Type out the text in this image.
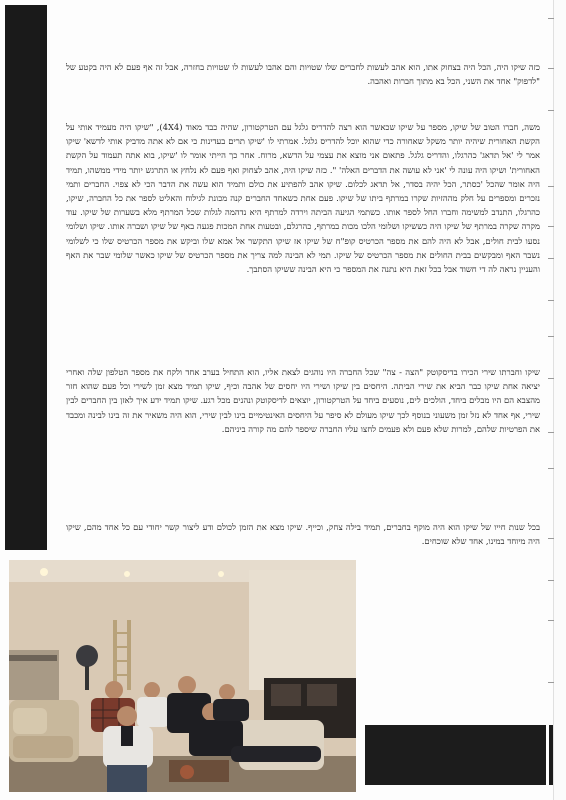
כזה שיקו היה, הכל היה בצחוק אתו, הוא אהב לעשות לחברים שלו שטויות והם אהבו לעשות לו שטויות בחזרה, אבל זה אף פעם לא היה בקטע של "לדפוק" אחד את השני, הכל בא מתוך חברות ואהבה.

משה, חברו הטוב של שיקו, מספר על שיקו שכאשר הוא רצה להדריס גלגל עם הטרקטורון, שהיה כבד מאוד (4X4), "שיקו היה מעמיד אותי על הקשת האחורית שיהיה יותר משקל שאחורה כדי שהוא יוכל להדריס גלגל. אמרתי לו 'שיקו תרים בעדינות כי אם לא אתה מדביק אותי לדשא' שיקו אמר לי 'אל תדאג' כהרגלו, והדריס גלגל. פתאום אני מוצא את עצמי על הדשא, מרוח. אחר כך הייתי אומר לו 'שיקו, בוא אתה תעמוד על הקשת האחורית' ושיקו היה עונה לי 'אני לא עושה את הדברים האלה' ". כזה שיקו היה, אהב לצחוק ואף פעם לא נלחץ או התרגש יותר מידי ממשהו, תמיד היה אומר שהכל 'כסתר, הכל יהיה בסדר, אל תדאג לכלום. שיקו אהב להפתיע את כולם ותמיד הוא עשה את הדבר הכי לא צפוי. החברים ותמי נזכרים ומספרים על חלק מההזיות שקרו במרתף ביתו של שיקו. פעם אחת כשאחד החברים קנה מכונת לגילוח והאליט לספר את כל החברה, שיקו, כהרגלו, התנדב למשימה וחברו החל לספר אותו. כשתמי הגיעה הביתה וירדה למרתף היא נדהמה לגלות שכל המרתף מלא בשערות של שיקו. עוד מקרה שקרה במרתף של שיקו היה כששיקו ושלומי הלכו מכות במרתף, כהרגלם, ובטעות אחת המכות פגעה באף של שיקו ושברה אותו. שיקו ושלומי נסעו לבית חולים, אבל לא היה להם את מספר הכרטיס קופ"ח של שיקו אז שיקו התקשר אל אמא שלו וביקש את מספר הכרטיס שלו כי לשלומי נשבר האף ומבקשים בבית החולים את מספר הכרטיס של שיקו. תמי לא הבינה למה צריך את מספר הכרטיס של שיקו כאשר שלומי שבר את האף והעניין נראה לה די חשוד אבל בכל זאת היא נתנה את המספר כי היא הבינה ששיקו הסתבך.

שיקו וחברתו שירי הכירו בדיסקוטק "הצה - צה" שכל החברה היו נוהגים לצאת אליו, הוא התחיל בערב אחד ולקח את מספר הטלפון שלה ואחרי יציאה אחת שיקו כבר הביא את שירי הביתה. היחסים בין שיקו ושירי היו יחסים של אהבה וכיף, שיקו תמיד מצא זמן לשירי וכל פעם שהוא חזר מהצבא הם היו מבלים ביחד, הולכים לים, נוסעים ביחד על הטרקטורון, יוצאים לדיסקוטק ונהנים מכל רגע. שיקו תמיד ידע איך לאזן בין החברים לבין שירי, אף אחד לא נזל זמן משעוני בנוסף לכך שיקו מעולם לא סיפר על היחסים האינטימיים בינו לבין שירי, הוא היה משאיר את זה בינו לבינה ומכבד את הפרטיות שלהם, למרות שלא פעם ולא פעמים לחצו עליו החברה שיספר להם מה קורה ביניהם.

בכל שנות חייו של שיקו הוא היה מוקף בחברים, תמיד בילה צחק, וכייף. שיקו מצא את הזמן לכולם ודע ליצור קשר יחודי עם כל אחד מהם, שיקו היה מיוחד במינו, אחד שלא שוכחים.
